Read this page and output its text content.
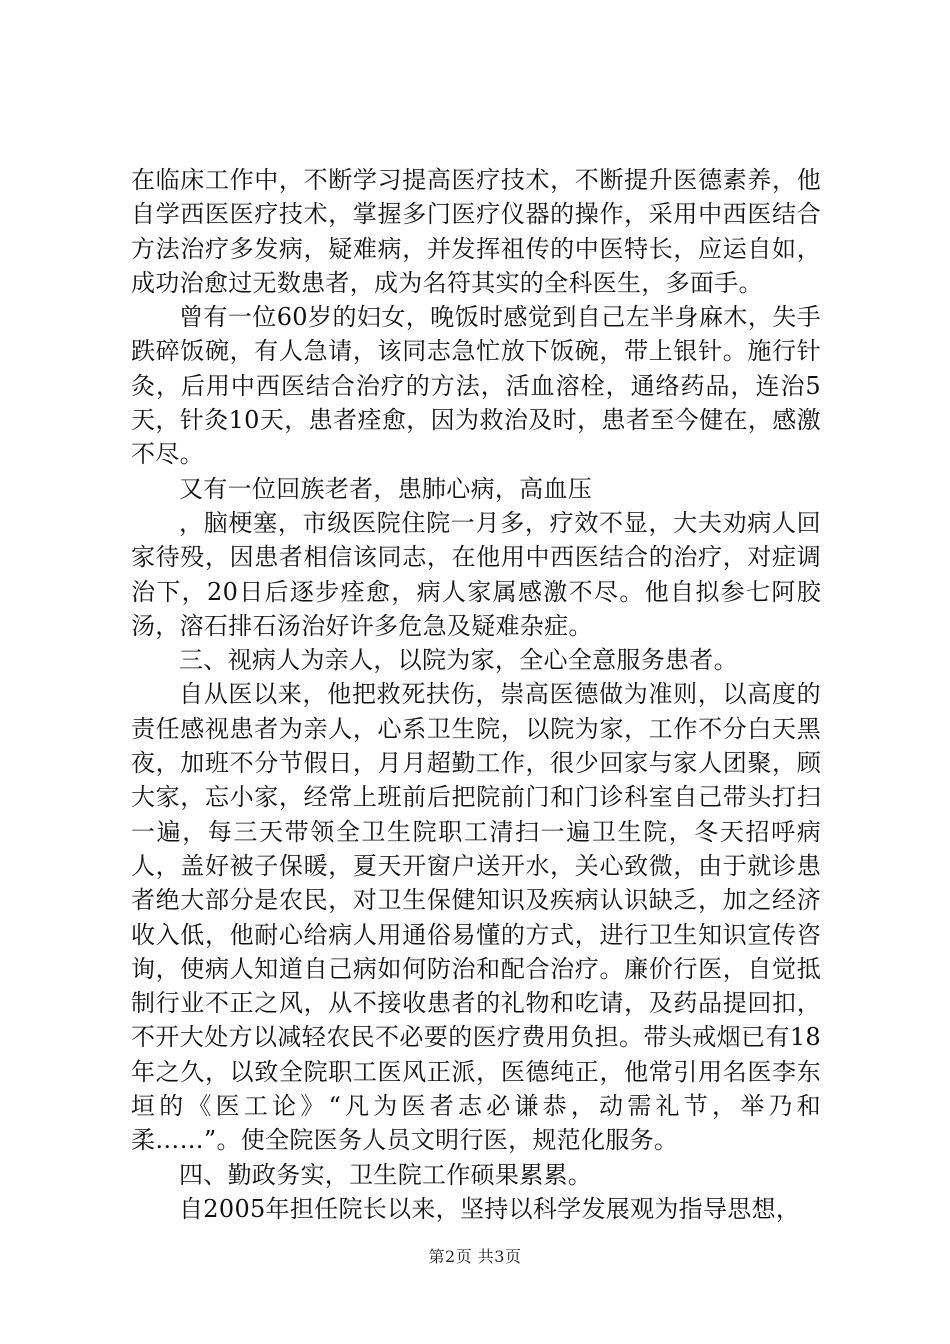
在临床工作中，不断学习提高医疗技术，不断提升医德素养，他自学西医医疗技术，掌握多门医疗仪器的操作，采用中西医结合方法治疗多发病，疑难病，并发挥祖传的中医特长，应运自如，成功治愈过无数患者，成为名符其实的全科医生，多面手。

曾有一位60岁的妇女，晚饭时感觉到自己左半身麻木，失手跌碎饭碗，有人急请，该同志急忙放下饭碗，带上银针。施行针灸，后用中西医结合治疗的方法，活血溶栓，通络药品，连治5天，针灸10天，患者痊愈，因为救治及时，患者至今健在，感激不尽。

又有一位回族老者，患肺心病，高血压

，脑梗塞，市级医院住院一月多，疗效不显，大夫劝病人回家待殁，因患者相信该同志，在他用中西医结合的治疗，对症调治下，20日后逐步痊愈，病人家属感激不尽。他自拟参七阿胶汤，溶石排石汤治好许多危急及疑难杂症。

三、视病人为亲人，以院为家，全心全意服务患者。

自从医以来，他把救死扶伤，崇高医德做为准则，以高度的责任感视患者为亲人，心系卫生院，以院为家，工作不分白天黑夜，加班不分节假日，月月超勤工作，很少回家与家人团聚，顾大家，忘小家，经常上班前后把院前门和门诊科室自己带头打扫一遍，每三天带领全卫生院职工清扫一遍卫生院，冬天招呼病人，盖好被子保暖，夏天开窗户送开水，关心致微，由于就诊患者绝大部分是农民，对卫生保健知识及疾病认识缺乏，加之经济收入低，他耐心给病人用通俗易懂的方式，进行卫生知识宣传咨询，使病人知道自己病如何防治和配合治疗。廉价行医，自觉抵制行业不正之风，从不接收患者的礼物和吃请，及药品提回扣，不开大处方以减轻农民不必要的医疗费用负担。带头戒烟已有18年之久，以致全院职工医风正派，医德纯正，他常引用名医李东垣的《医工论》“凡为医者志必谦恭，动需礼节，举乃和柔……”。使全院医务人员文明行医，规范化服务。

四、勤政务实，卫生院工作硕果累累。

自2005年担任院长以来，坚持以科学发展观为指导思想，

第2页 共3页
